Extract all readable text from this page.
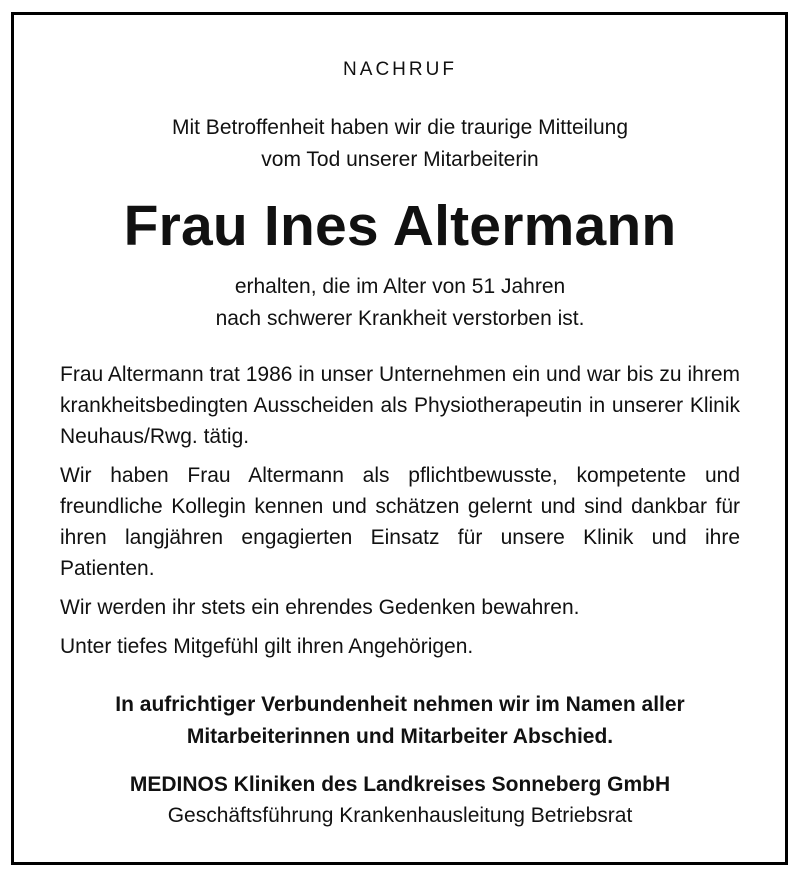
NACHRUF
Mit Betroffenheit haben wir die traurige Mitteilung
vom Tod unserer Mitarbeiterin
Frau Ines Altermann
erhalten, die im Alter von 51 Jahren
nach schwerer Krankheit verstorben ist.
Frau Altermann trat 1986 in unser Unternehmen ein und war bis zu ihrem krankheitsbedingten Ausscheiden als Physiotherapeutin in unserer Klinik Neuhaus/Rwg. tätig.
Wir haben Frau Altermann als pflichtbewusste, kompetente und freundliche Kollegin kennen und schätzen gelernt und sind dankbar für ihren langjähren engagierten Einsatz für unsere Klinik und ihre Patienten.
Wir werden ihr stets ein ehrendes Gedenken bewahren.
Unter tiefes Mitgefühl gilt ihren Angehörigen.
In aufrichtiger Verbundenheit nehmen wir im Namen aller
Mitarbeiterinnen und Mitarbeiter Abschied.
MEDINOS Kliniken des Landkreises Sonneberg GmbH
Geschäftsführung Krankenhausleitung Betriebsrat
